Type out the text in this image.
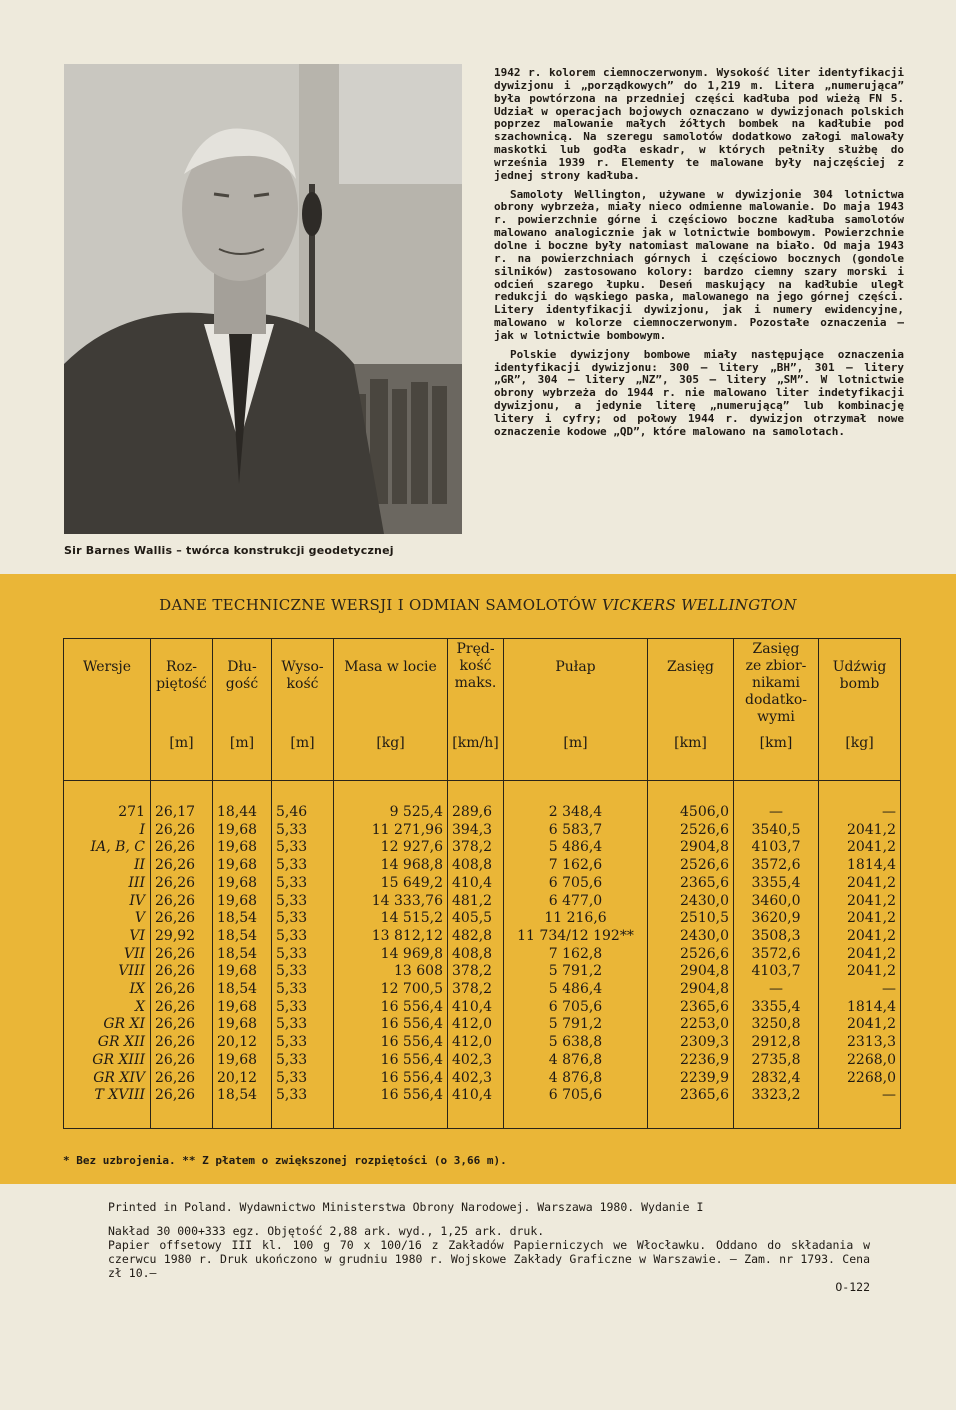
Sir Barnes Wallis – twórca konstrukcji geodetycznej

1942 r. kolorem ciemnoczerwonym. Wysokość liter identyfikacji dywizjonu i „porządkowych” do 1,219 m. Litera „numerująca” była powtórzona na przedniej części kadłuba pod wieżą FN 5. Udział w operacjach bojowych oznaczano w dywizjonach polskich poprzez malowanie małych żółtych bombek na kadłubie pod szachownicą. Na szeregu samolotów dodatkowo załogi malowały maskotki lub godła eskadr, w których pełniły służbę do września 1939 r. Elementy te malowane były najczęściej z jednej strony kadłuba.

Samoloty Wellington, używane w dywizjonie 304 lotnictwa obrony wybrzeża, miały nieco odmienne malowanie. Do maja 1943 r. powierzchnie górne i częściowo boczne kadłuba samolotów malowano analogicznie jak w lotnictwie bombowym. Powierzchnie dolne i boczne były natomiast malowane na biało. Od maja 1943 r. na powierzchniach górnych i częściowo bocznych (gondole silników) zastosowano kolory: bardzo ciemny szary morski i odcień szarego łupku. Deseń maskujący na kadłubie uległ redukcji do wąskiego paska, malowanego na jego górnej części. Litery identyfikacji dywizjonu, jak i numery ewidencyjne, malowano w kolorze ciemnoczerwonym. Pozostałe oznaczenia — jak w lotnictwie bombowym.

Polskie dywizjony bombowe miały następujące oznaczenia identyfikacji dywizjonu: 300 — litery „BH”, 301 — litery „GR”, 304 — litery „NZ”, 305 — litery „SM”. W lotnictwie obrony wybrzeża do 1944 r. nie malowano liter indetyfikacji dywizjonu, a jedynie literę „numerującą” lub kombinację litery i cyfry; od połowy 1944 r. dywizjon otrzymał nowe oznaczenie kodowe „QD”, które malowano na samolotach.

DANE TECHNICZNE WERSJI I ODMIAN SAMOLOTÓW VICKERS WELLINGTON
Wersje
271
I
IA, B, C
II
III
IV
V
VI
VII
VIII
IX
X
GR XI
GR XII
GR XIII
GR XIV
T XVIII
Roz-
piętość
[m]
26,17
26,26
26,26
26,26
26,26
26,26
26,26
29,92
26,26
26,26
26,26
26,26
26,26
26,26
26,26
26,26
26,26
Dłu-
gość
[m]
18,44
19,68
19,68
19,68
19,68
19,68
18,54
18,54
18,54
19,68
18,54
19,68
19,68
20,12
19,68
20,12
18,54
Wyso-
kość
[m]
5,46
5,33
5,33
5,33
5,33
5,33
5,33
5,33
5,33
5,33
5,33
5,33
5,33
5,33
5,33
5,33
5,33
Masa w locie
[kg]
9 525,4
11 271,96
12 927,6
14 968,8
15 649,2
14 333,76
14 515,2
13 812,12
14 969,8
13 608
12 700,5
16 556,4
16 556,4
16 556,4
16 556,4
16 556,4
16 556,4
Pręd-
kość
maks.
[km/h]
289,6
394,3
378,2
408,8
410,4
481,2
405,5
482,8
408,8
378,2
378,2
410,4
412,0
412,0
402,3
402,3
410,4
Pułap
[m]
2 348,4
6 583,7
5 486,4
7 162,6
6 705,6
6 477,0
11 216,6
11 734/12 192**
7 162,8
5 791,2
5 486,4
6 705,6
5 791,2
5 638,8
4 876,8
4 876,8
6 705,6
Zasięg
[km]
4506,0
2526,6
2904,8
2526,6
2365,6
2430,0
2510,5
2430,0
2526,6
2904,8
2904,8
2365,6
2253,0
2309,3
2236,9
2239,9
2365,6
Zasięg
ze zbior-
nikami
dodatko-
wymi
[km]
—
3540,5
4103,7
3572,6
3355,4
3460,0
3620,9
3508,3
3572,6
4103,7
—
3355,4
3250,8
2912,8
2735,8
2832,4
3323,2
Udźwig
bomb
[kg]
—
2041,2
2041,2
1814,4
2041,2
2041,2
2041,2
2041,2
2041,2
2041,2
—
1814,4
2041,2
2313,3
2268,0
2268,0
—
* Bez uzbrojenia. ** Z płatem o zwiększonej rozpiętości (o 3,66 m).

Printed in Poland. Wydawnictwo Ministerstwa Obrony Narodowej. Warszawa 1980. Wydanie I

Nakład 30 000+333 egz. Objętość 2,88 ark. wyd., 1,25 ark. druk.

Papier offsetowy III kl. 100 g 70 x 100/16 z Zakładów Papierniczych we Włocławku. Oddano do składania w czerwcu 1980 r. Druk ukończono w grudniu 1980 r. Wojskowe Zakłady Graficzne w Warszawie. — Zam. nr 1793. Cena zł 10.—

O-122
